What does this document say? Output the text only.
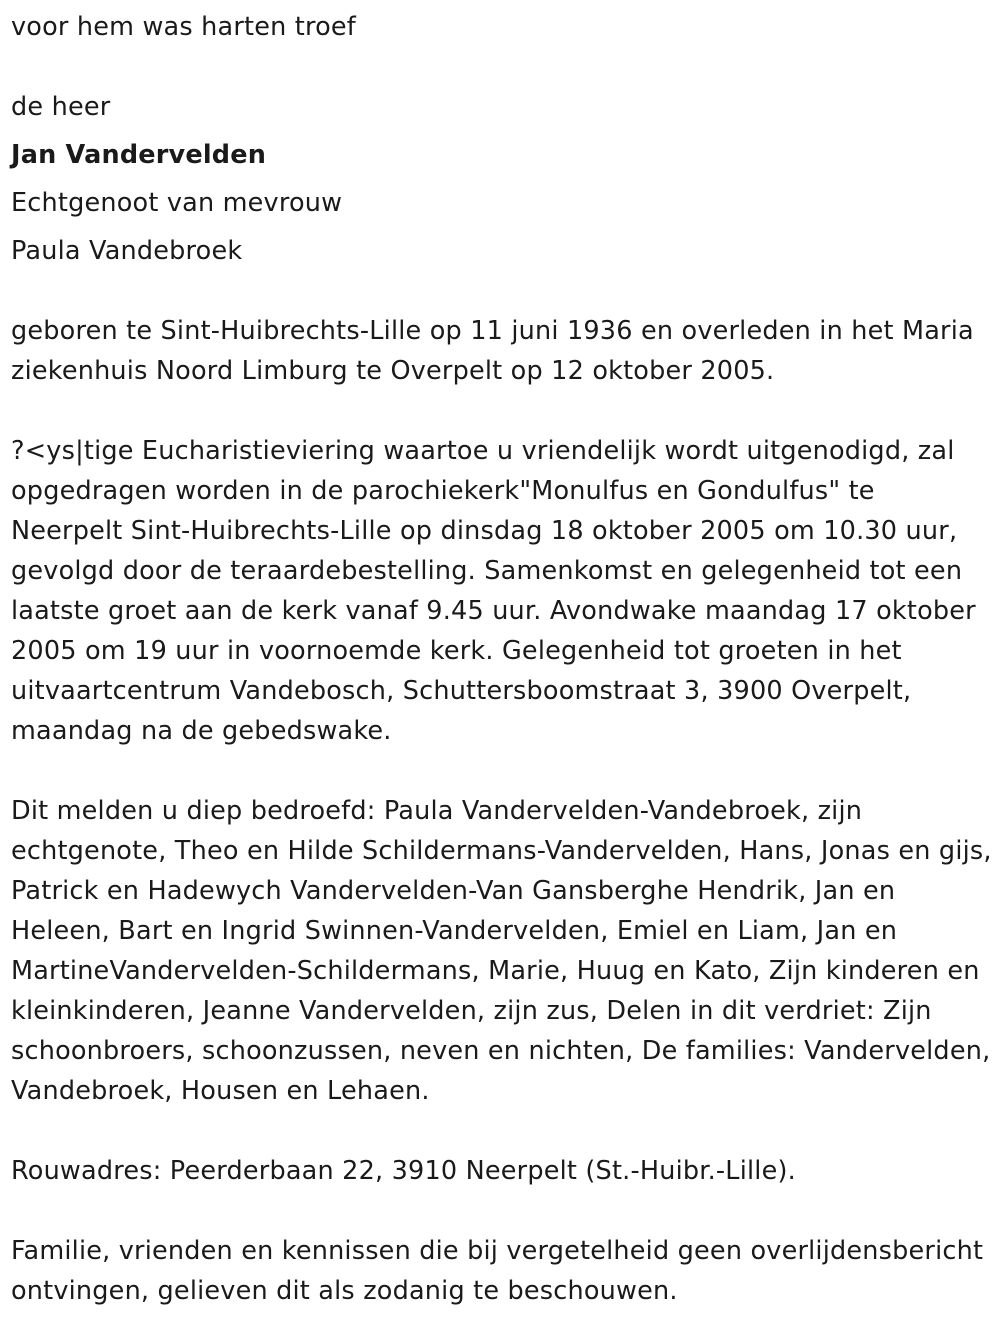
voor hem was harten troef

de heer

Jan Vandervelden

Echtgenoot van mevrouw

Paula Vandebroek

geboren te Sint-Huibrechts-Lille op 11 juni 1936 en overleden in het Maria ziekenhuis Noord Limburg te Overpelt op 12 oktober 2005.

?<ys|tige Eucharistieviering waartoe u vriendelijk wordt uitgenodigd, zal opgedragen worden in de parochiekerk"Monulfus en Gondulfus" te Neerpelt Sint-Huibrechts-Lille op dinsdag 18 oktober 2005 om 10.30 uur, gevolgd door de teraardebestelling. Samenkomst en gelegenheid tot een laatste groet aan de kerk vanaf 9.45 uur. Avondwake maandag 17 oktober 2005 om 19 uur in voornoemde kerk. Gelegenheid tot groeten in het uitvaartcentrum Vandebosch, Schuttersboomstraat 3, 3900 Overpelt, maandag na de gebedswake.

Dit melden u diep bedroefd: Paula Vandervelden-Vandebroek, zijn echtgenote, Theo en Hilde Schildermans-Vandervelden, Hans, Jonas en gijs, Patrick en Hadewych Vandervelden-Van Gansberghe Hendrik, Jan en Heleen, Bart en Ingrid Swinnen-Vandervelden, Emiel en Liam, Jan en MartineVandervelden-Schildermans, Marie, Huug en Kato, Zijn kinderen en kleinkinderen, Jeanne Vandervelden, zijn zus, Delen in dit verdriet: Zijn schoonbroers, schoonzussen, neven en nichten, De families: Vandervelden, Vandebroek, Housen en Lehaen.

Rouwadres: Peerderbaan 22, 3910 Neerpelt (St.-Huibr.-Lille).

Familie, vrienden en kennissen die bij vergetelheid geen overlijdensbericht ontvingen, gelieven dit als zodanig te beschouwen.
